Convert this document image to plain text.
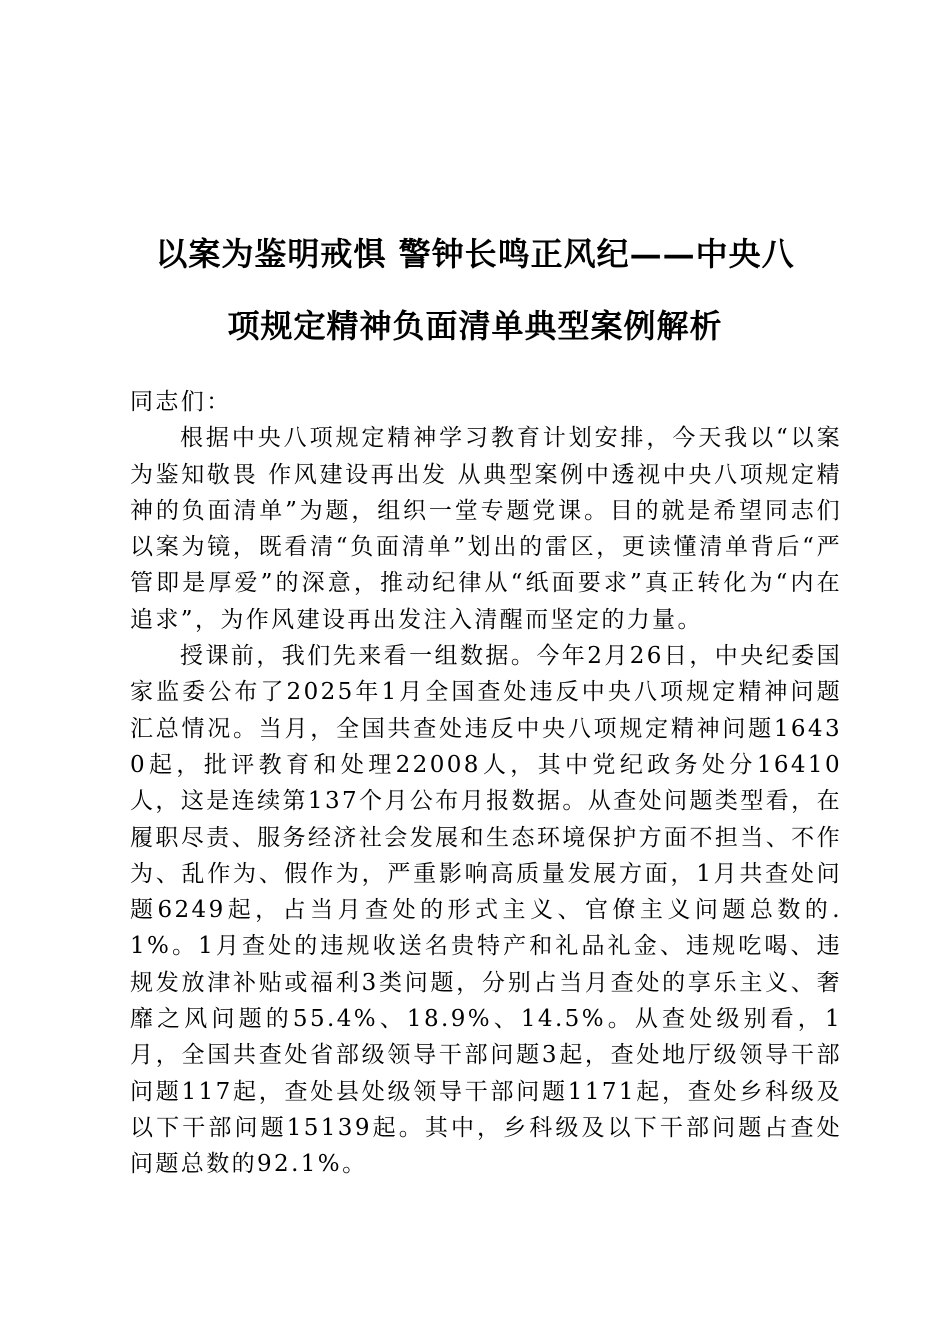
以案为鉴明戒惧 警钟长鸣正风纪——中央八
项规定精神负面清单典型案例解析

同志们：

根据中央八项规定精神学习教育计划安排，今天我以“以案为鉴知敬畏 作风建设再出发 从典型案例中透视中央八项规定精神的负面清单”为题，组织一堂专题党课。目的就是希望同志们以案为镜，既看清“负面清单”划出的雷区，更读懂清单背后“严管即是厚爱”的深意，推动纪律从“纸面要求”真正转化为“内在追求”，为作风建设再出发注入清醒而坚定的力量。

授课前，我们先来看一组数据。今年2月26日，中央纪委国家监委公布了2025年1月全国查处违反中央八项规定精神问题汇总情况。当月，全国共查处违反中央八项规定精神问题16430起，批评教育和处理22008人，其中党纪政务处分16410人，这是连续第137个月公布月报数据。从查处问题类型看，在履职尽责、服务经济社会发展和生态环境保护方面不担当、不作为、乱作为、假作为，严重影响高质量发展方面，1月共查处问题6249起，占当月查处的形式主义、官僚主义问题总数的.1%。1月查处的违规收送名贵特产和礼品礼金、违规吃喝、违规发放津补贴或福利3类问题，分别占当月查处的享乐主义、奢靡之风问题的55.4%、18.9%、14.5%。从查处级别看，1月，全国共查处省部级领导干部问题3起，查处地厅级领导干部问题117起，查处县处级领导干部问题1171起，查处乡科级及以下干部问题15139起。其中，乡科级及以下干部问题占查处问题总数的92.1%。
